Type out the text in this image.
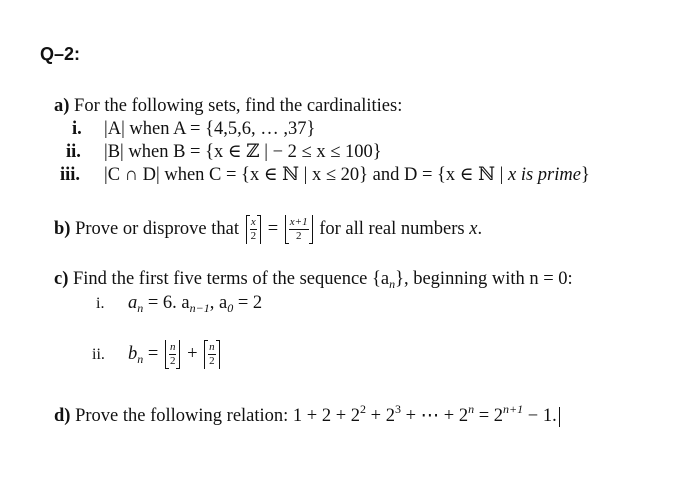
Q–2:
a) For the following sets, find the cardinalities:
i. |A| when A = {4,5,6, … ,37}
ii. |B| when B = {x ∈ ℤ | − 2 ≤ x ≤ 100}
iii. |C ∩ D| when C = {x ∈ ℕ | x ≤ 20} and D = {x ∈ ℕ | x is prime}
b) Prove or disprove that $\frac{x}{2} = \frac{x+1}{2}$ for all real numbers x.
c) Find the first five terms of the sequence $\{a_n\}$, beginning with n = 0:
i. $a_n = 6$. $a_{n-1}$, $a_0 = 2$
ii. $b_n = \frac{n}{2} + \frac{n}{2}$
d) Prove the following relation: $1 + 2 + 2^2 + 2^3$ + ⋯ + $2^n = 2^{n+1} - 1$.
